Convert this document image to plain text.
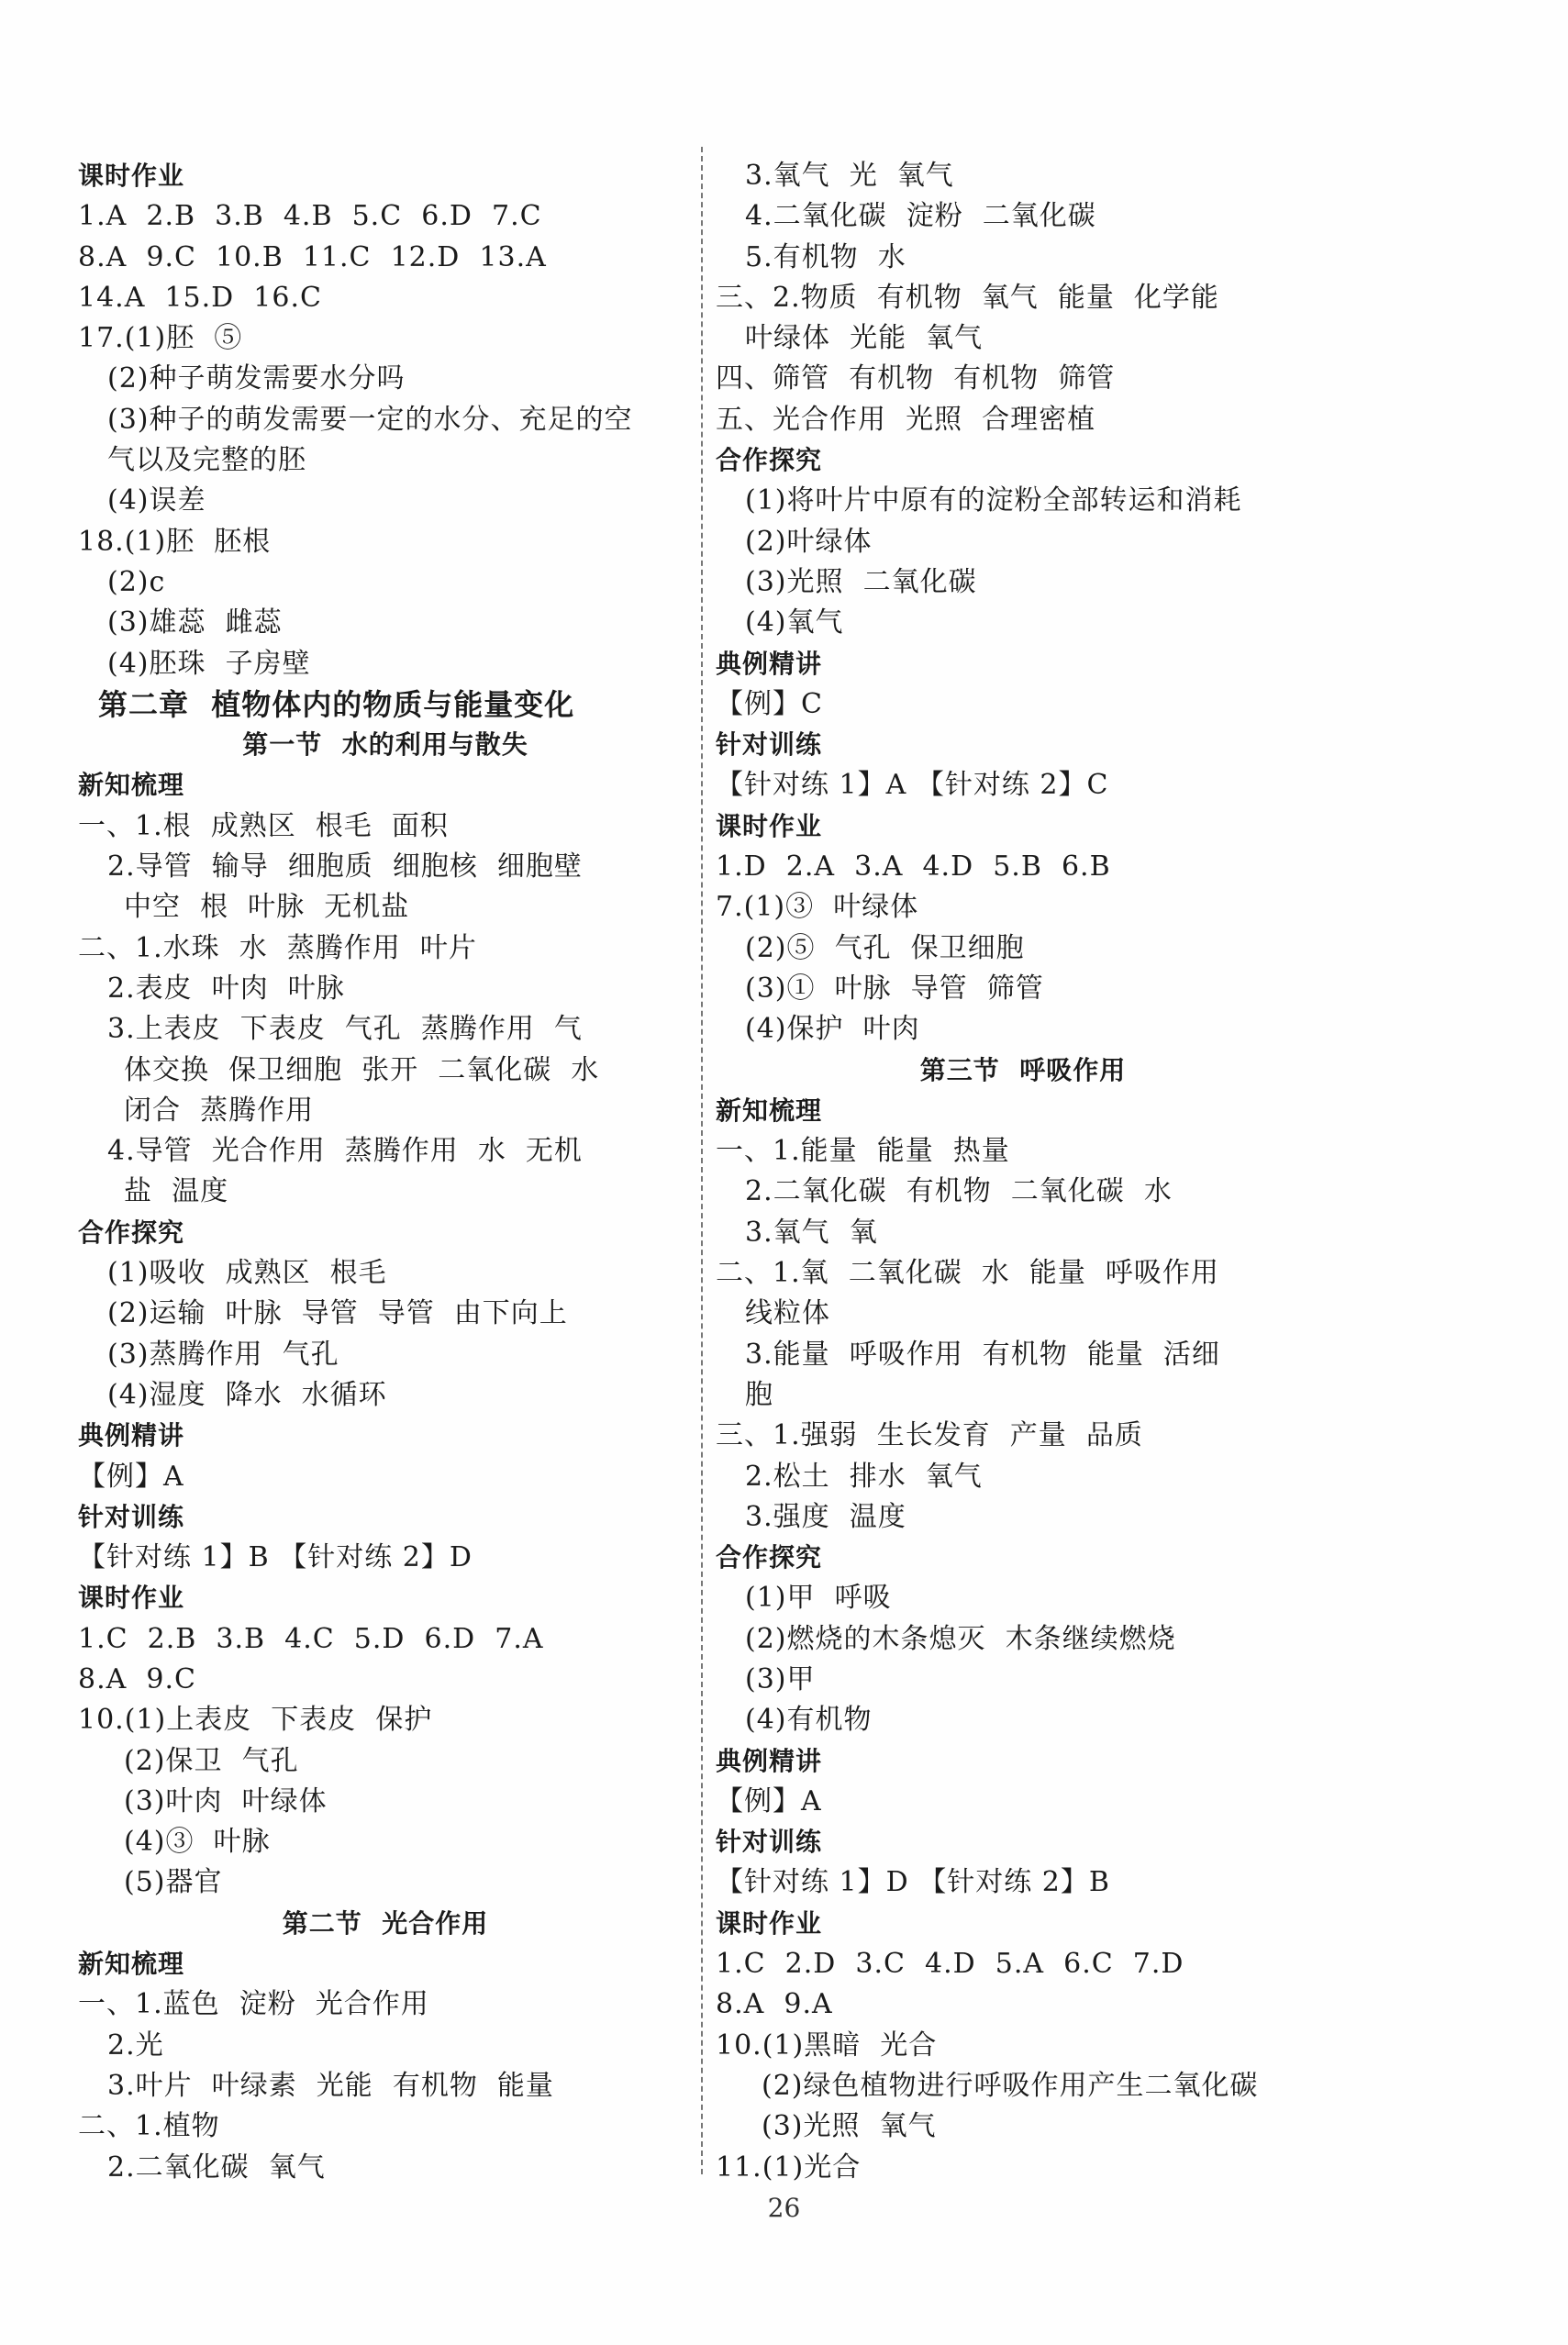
课时作业
1.A  2.B  3.B  4.B  5.C  6.D  7.C
8.A  9.C  10.B  11.C  12.D  13.A
14.A  15.D  16.C
17.(1)胚  ⑤
(2)种子萌发需要水分吗
(3)种子的萌发需要一定的水分、充足的空
气以及完整的胚
(4)误差
18.(1)胚  胚根
(2)c
(3)雄蕊  雌蕊
(4)胚珠  子房壁
第二章  植物体内的物质与能量变化
第一节  水的利用与散失
新知梳理
一、1.根  成熟区  根毛  面积
2.导管  输导  细胞质  细胞核  细胞壁
中空  根  叶脉  无机盐
二、1.水珠  水  蒸腾作用  叶片
2.表皮  叶肉  叶脉
3.上表皮  下表皮  气孔  蒸腾作用  气
体交换  保卫细胞  张开  二氧化碳  水
闭合  蒸腾作用
4.导管  光合作用  蒸腾作用  水  无机
盐  温度
合作探究
(1)吸收  成熟区  根毛
(2)运输  叶脉  导管  导管  由下向上
(3)蒸腾作用  气孔
(4)湿度  降水  水循环
典例精讲
【例】A
针对训练
【针对练 1】B 【针对练 2】D
课时作业
1.C  2.B  3.B  4.C  5.D  6.D  7.A
8.A  9.C
10.(1)上表皮  下表皮  保护
(2)保卫  气孔
(3)叶肉  叶绿体
(4)③  叶脉
(5)器官
第二节  光合作用
新知梳理
一、1.蓝色  淀粉  光合作用
2.光
3.叶片  叶绿素  光能  有机物  能量
二、1.植物
2.二氧化碳  氧气
3.氧气  光  氧气
4.二氧化碳  淀粉  二氧化碳
5.有机物  水
三、2.物质  有机物  氧气  能量  化学能
叶绿体  光能  氧气
四、筛管  有机物  有机物  筛管
五、光合作用  光照  合理密植
合作探究
(1)将叶片中原有的淀粉全部转运和消耗
(2)叶绿体
(3)光照  二氧化碳
(4)氧气
典例精讲
【例】C
针对训练
【针对练 1】A 【针对练 2】C
课时作业
1.D  2.A  3.A  4.D  5.B  6.B
7.(1)③  叶绿体
(2)⑤  气孔  保卫细胞
(3)①  叶脉  导管  筛管
(4)保护  叶肉
第三节  呼吸作用
新知梳理
一、1.能量  能量  热量
2.二氧化碳  有机物  二氧化碳  水
3.氧气  氧
二、1.氧  二氧化碳  水  能量  呼吸作用
线粒体
3.能量  呼吸作用  有机物  能量  活细
胞
三、1.强弱  生长发育  产量  品质
2.松土  排水  氧气
3.强度  温度
合作探究
(1)甲  呼吸
(2)燃烧的木条熄灭  木条继续燃烧
(3)甲
(4)有机物
典例精讲
【例】A
针对训练
【针对练 1】D 【针对练 2】B
课时作业
1.C  2.D  3.C  4.D  5.A  6.C  7.D
8.A  9.A
10.(1)黑暗  光合
(2)绿色植物进行呼吸作用产生二氧化碳
(3)光照  氧气
11.(1)光合
26
